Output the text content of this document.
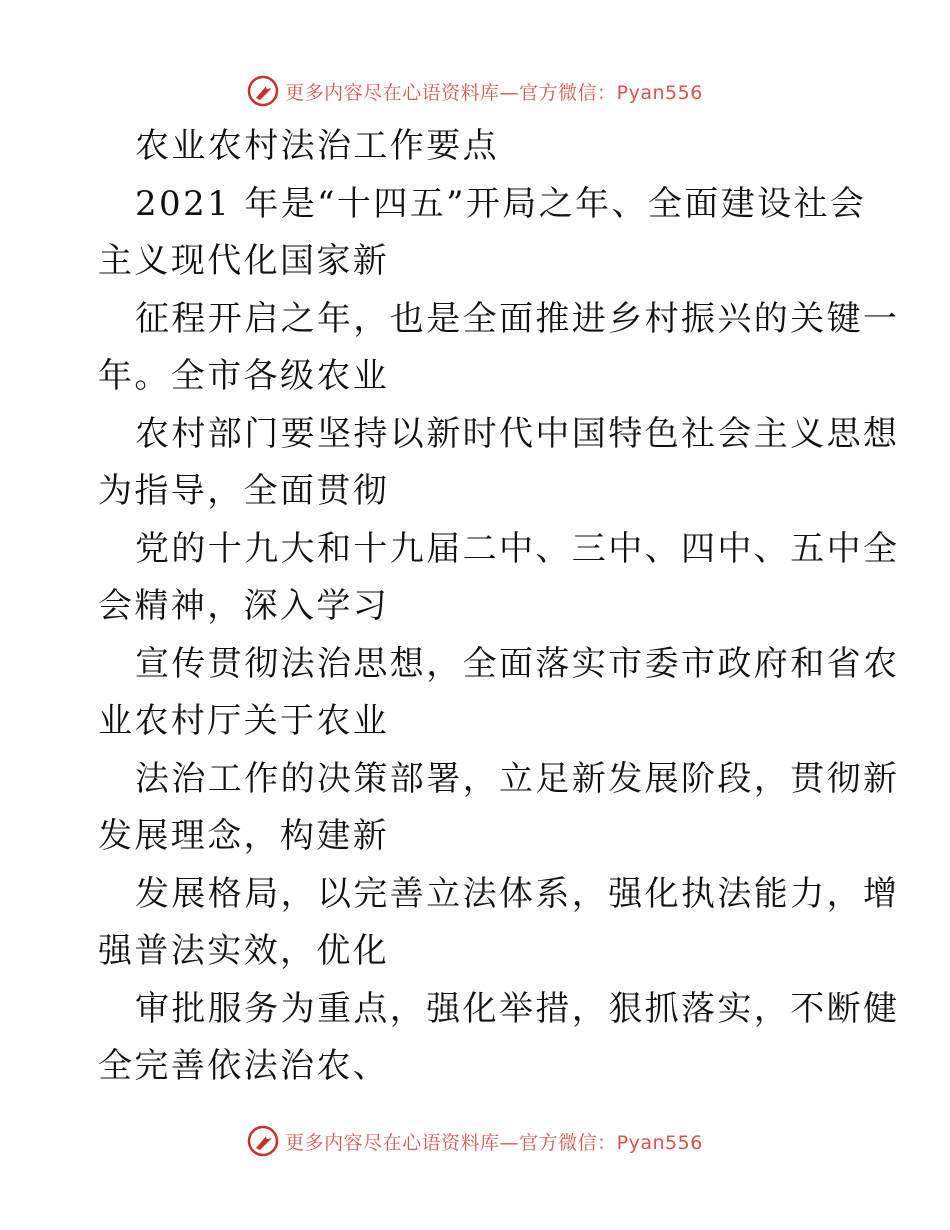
更多内容尽在心语资料库—官方微信：Pyan556
农业农村法治工作要点
2021 年是“十四五”开局之年、全面建设社会
主义现代化国家新
征程开启之年，也是全面推进乡村振兴的关键一
年。全市各级农业
农村部门要坚持以新时代中国特色社会主义思想
为指导，全面贯彻
党的十九大和十九届二中、三中、四中、五中全
会精神，深入学习
宣传贯彻法治思想，全面落实市委市政府和省农
业农村厅关于农业
法治工作的决策部署，立足新发展阶段，贯彻新
发展理念，构建新
发展格局，以完善立法体系，强化执法能力，增
强普法实效，优化
审批服务为重点，强化举措，狠抓落实，不断健
全完善依法治农、
更多内容尽在心语资料库—官方微信：Pyan556
